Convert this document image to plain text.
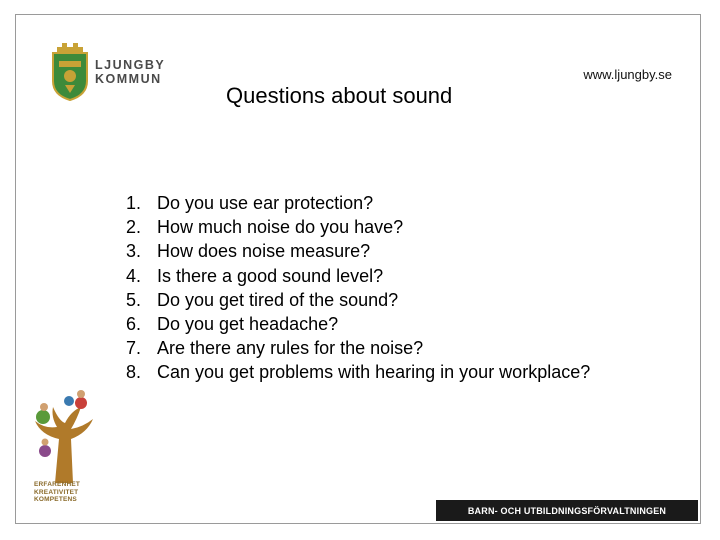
LJUNGBY
KOMMUN	www.ljungby.se
Questions about sound
1. Do you use ear protection?
2. How much noise do you have?
3. How does noise measure?
4. Is there a good sound level?
5. Do you get tired of the sound?
6. Do you get headache?
7. Are there any rules for the noise?
8. Can you get problems with hearing in your workplace?
ERFARENHET
KREATIVITET
KOMPETENS
BARN- OCH UTBILDNINGSFÖRVALTNINGEN
